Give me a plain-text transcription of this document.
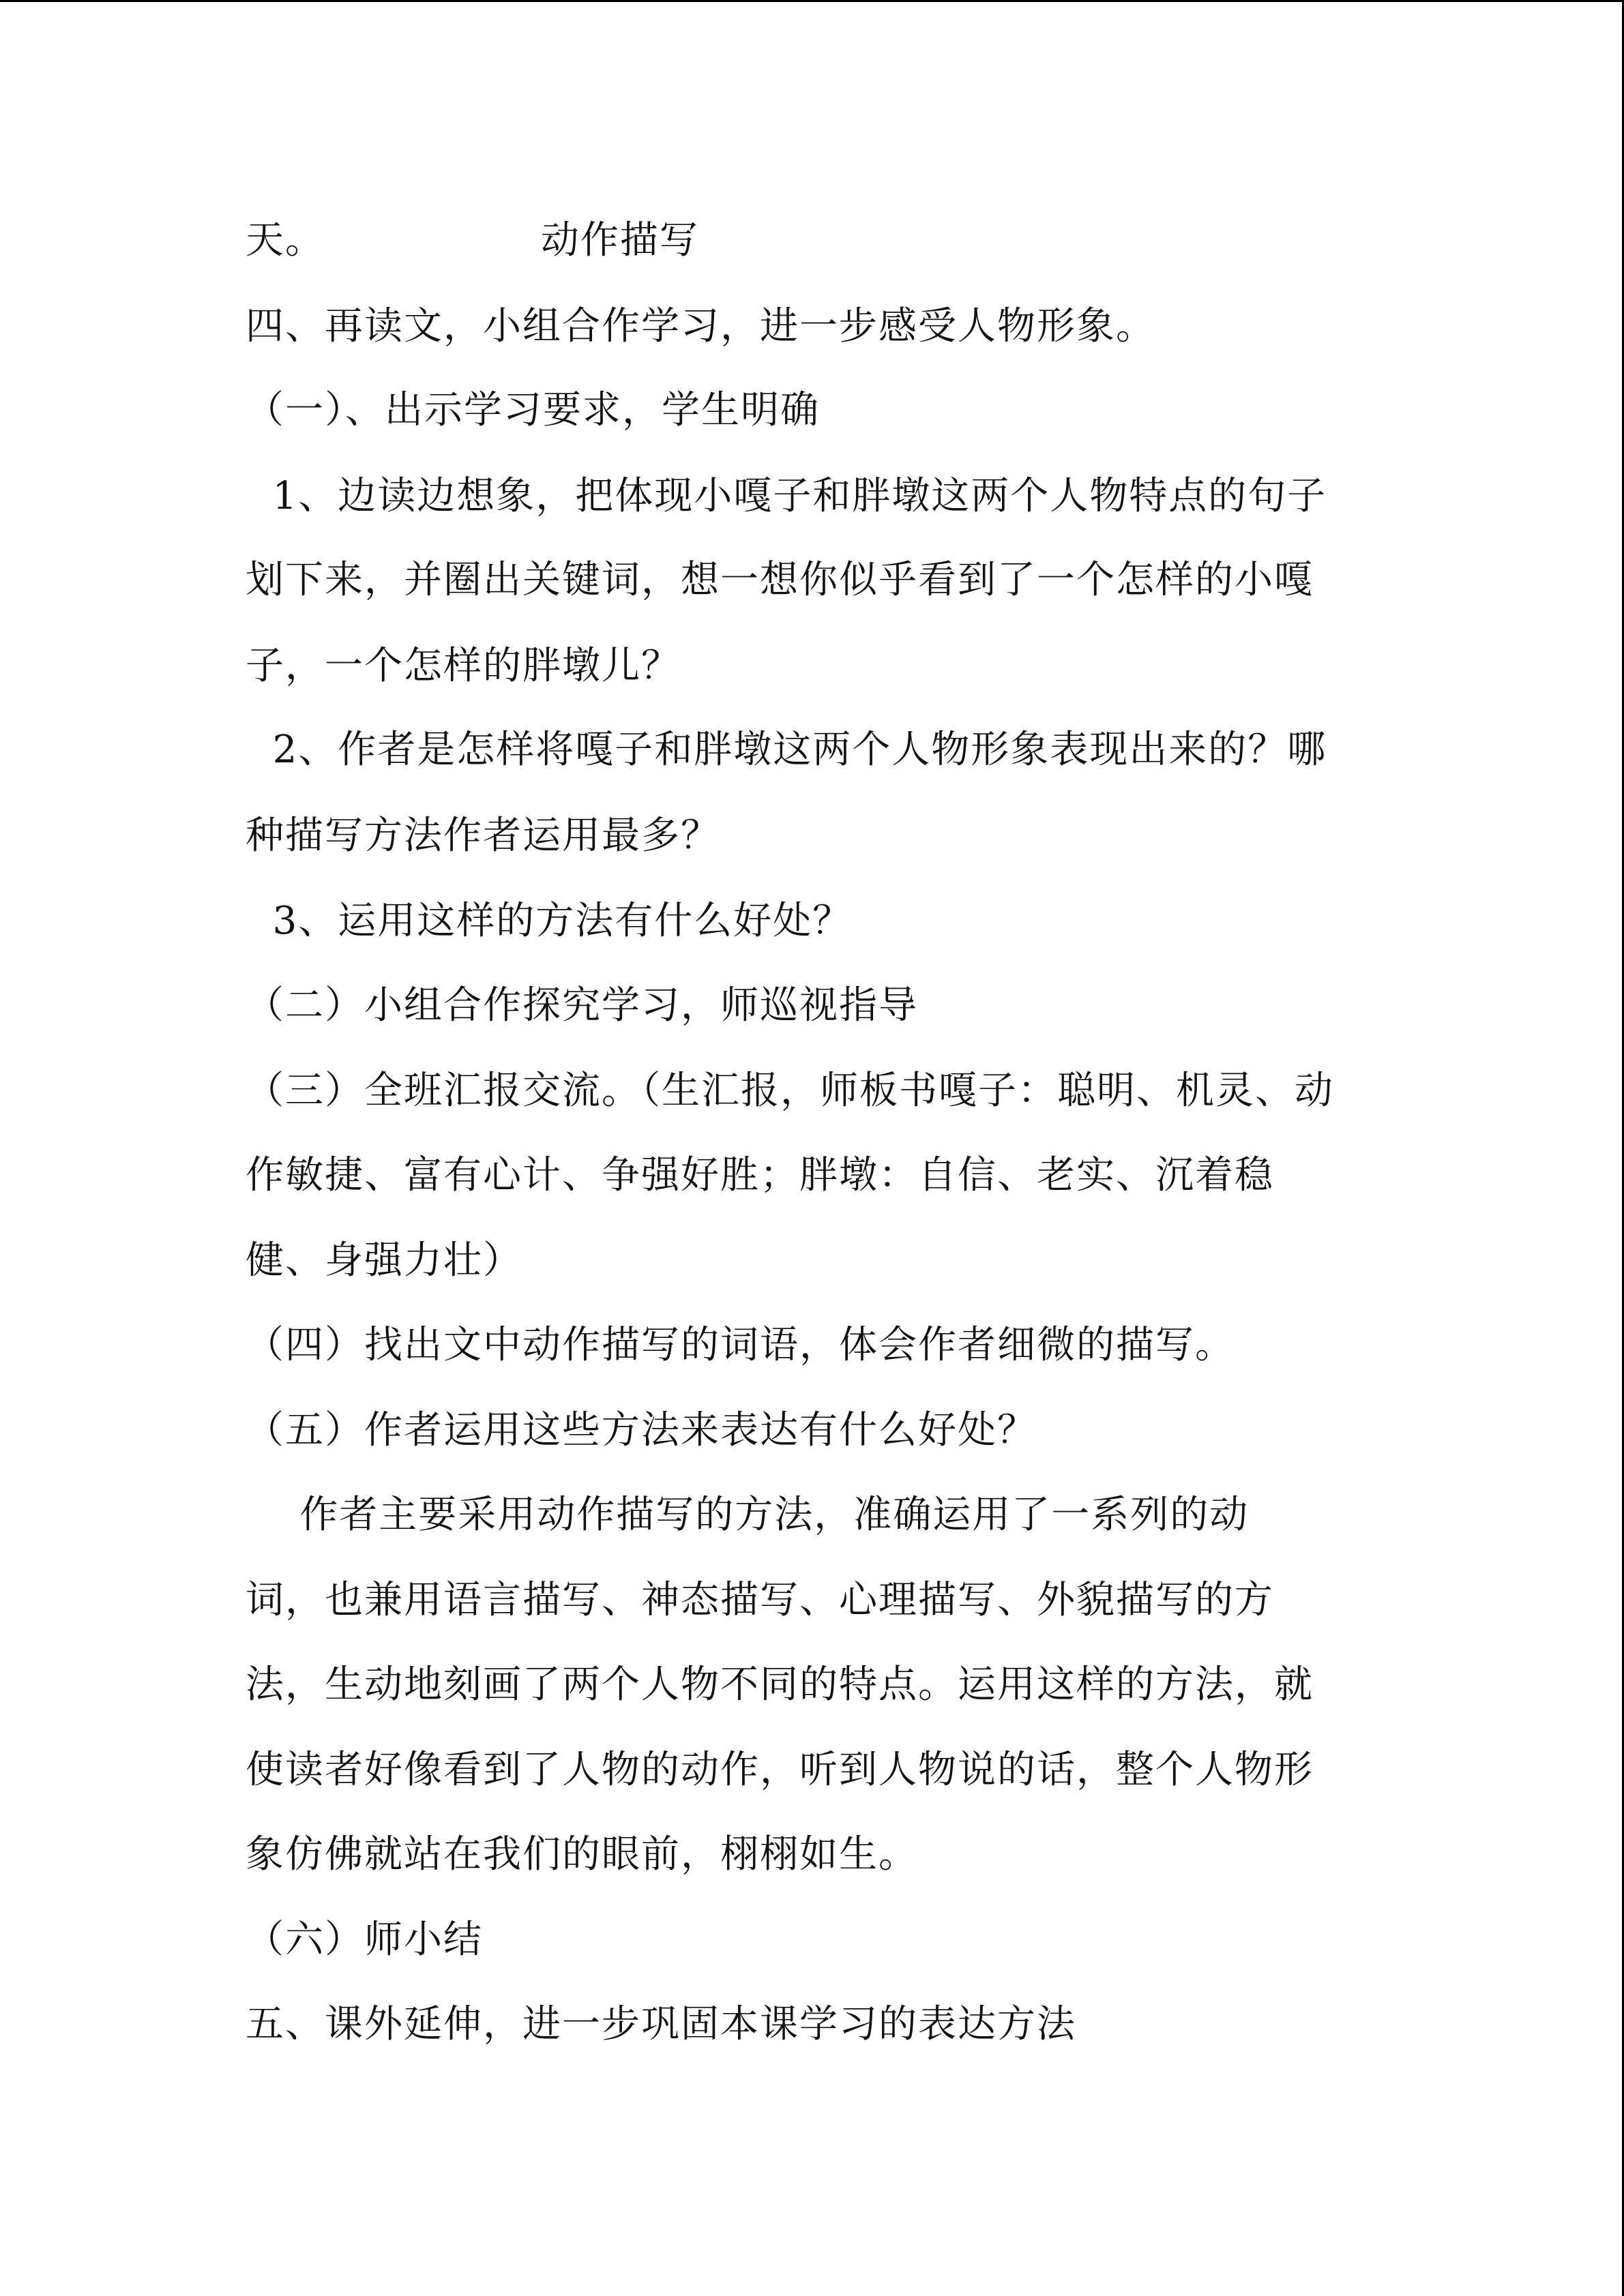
天。                动作描写
四、再读文，小组合作学习，进一步感受人物形象。
（一）、出示学习要求，学生明确
1、边读边想象，把体现小嘎子和胖墩这两个人物特点的句子
划下来，并圈出关键词，想一想你似乎看到了一个怎样的小嘎
子，一个怎样的胖墩儿？
2、作者是怎样将嘎子和胖墩这两个人物形象表现出来的？哪
种描写方法作者运用最多？
3、运用这样的方法有什么好处？
（二）小组合作探究学习，师巡视指导
（三）全班汇报交流。（生汇报，师板书嘎子：聪明、机灵、动
作敏捷、富有心计、争强好胜；胖墩：自信、老实、沉着稳
健、身强力壮）
（四）找出文中动作描写的词语，体会作者细微的描写。
（五）作者运用这些方法来表达有什么好处？
作者主要采用动作描写的方法，准确运用了一系列的动
词，也兼用语言描写、神态描写、心理描写、外貌描写的方
法，生动地刻画了两个人物不同的特点。运用这样的方法，就
使读者好像看到了人物的动作，听到人物说的话，整个人物形
象仿佛就站在我们的眼前，栩栩如生。
（六）师小结
五、课外延伸，进一步巩固本课学习的表达方法
